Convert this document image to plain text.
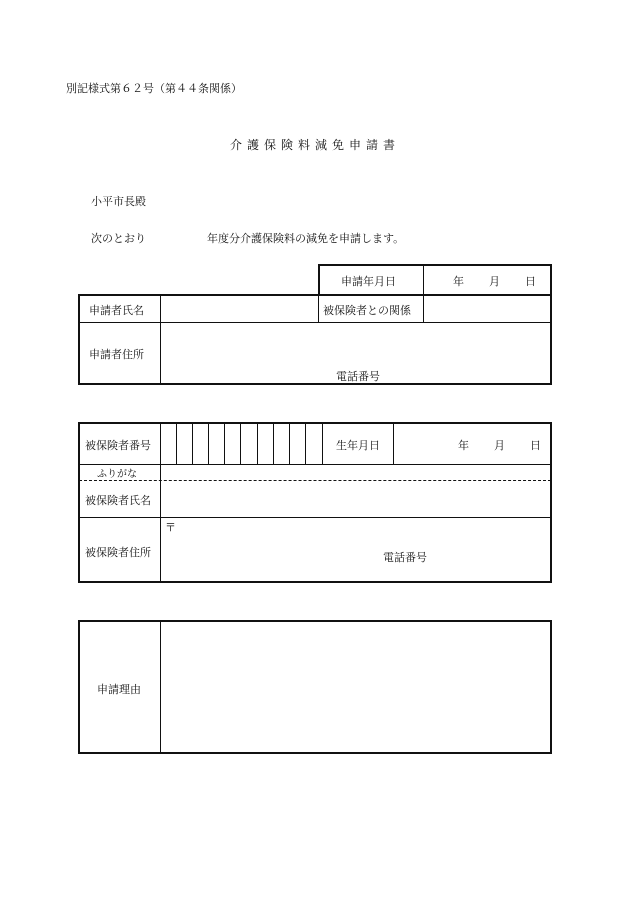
別記様式第６２号（第４４条関係）
介護保険料減免申請書
小平市長殿
次のとおり	年度分介護保険料の減免を申請します。
申請年月日	年 月 日
申請者氏名	被保険者との関係
申請者住所
電話番号
被保険者番号	生年月日	年 月 日
ふりがな
被保険者氏名
被保険者住所
〒
電話番号
申請理由
